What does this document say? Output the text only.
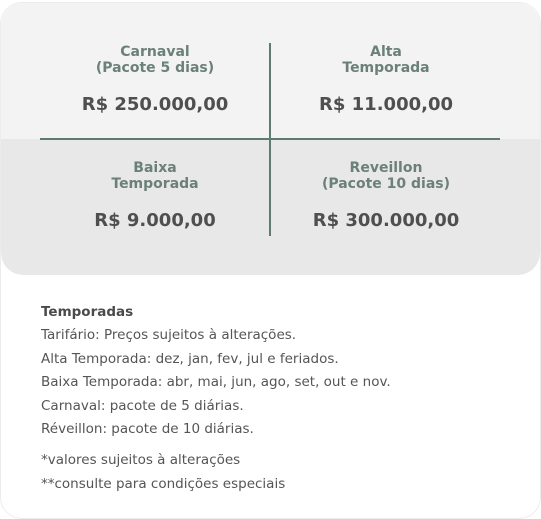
Carnaval
(Pacote 5 dias)
R$ 250.000,00
Alta
Temporada
R$ 11.000,00
Baixa
Temporada
R$ 9.000,00
Reveillon
(Pacote 10 dias)
R$ 300.000,00
Temporadas
Tarifário: Preços sujeitos à alterações.
Alta Temporada: dez, jan, fev, jul e feriados.
Baixa Temporada: abr, mai, jun, ago, set, out e nov.
Carnaval: pacote de 5 diárias.
Réveillon: pacote de 10 diárias.
*valores sujeitos à alterações
**consulte para condições especiais
